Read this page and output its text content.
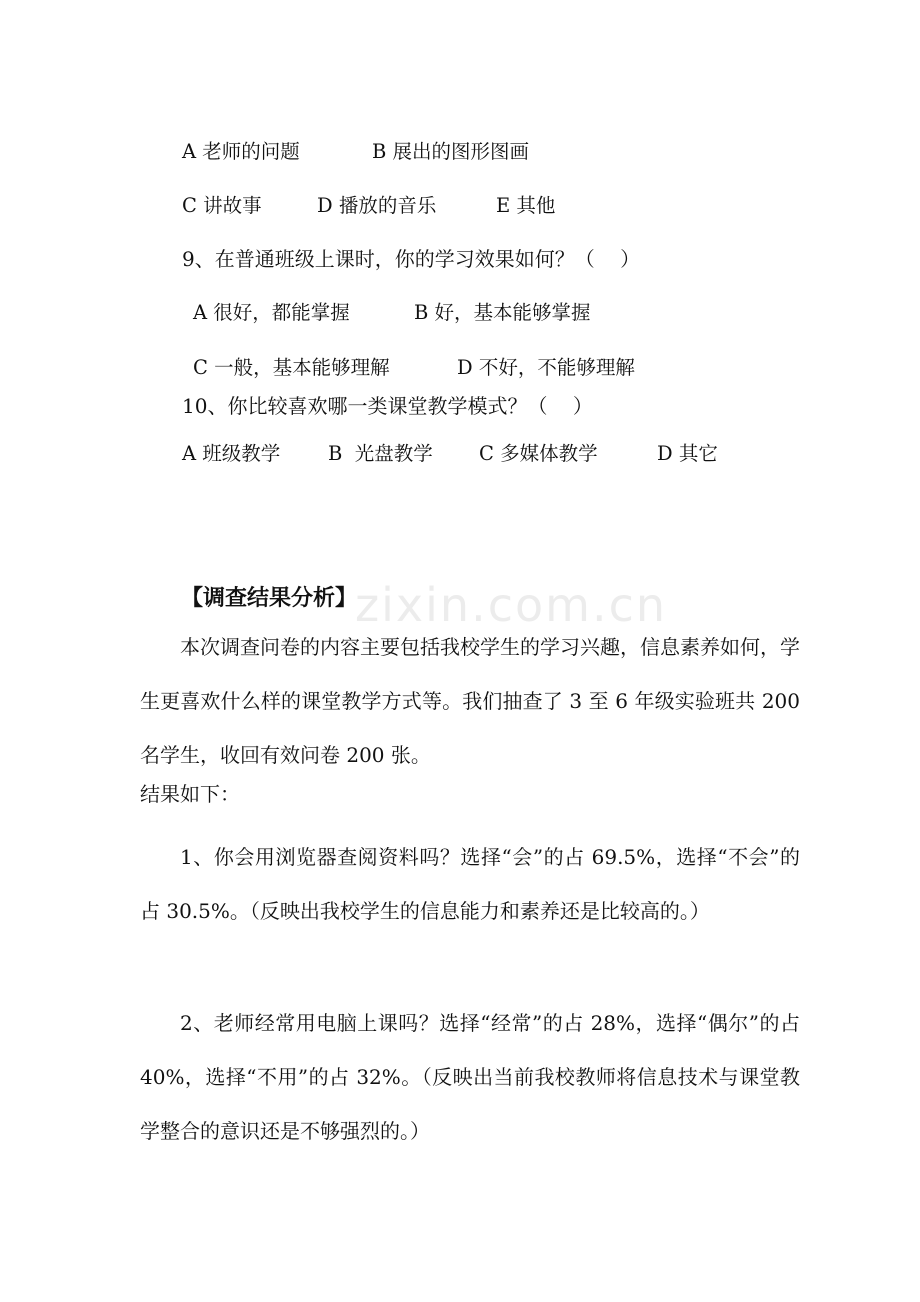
zixin.com.cn
A 老师的问题	B 展出的图形图画
C 讲故事	D 播放的音乐	E 其他
9、在普通班级上课时，你的学习效果如何？（    ）
A 很好，都能掌握	B 好，基本能够掌握
C 一般，基本能够理解	D 不好，不能够理解
10、你比较喜欢哪一类课堂教学模式？（    ）
A 班级教学 B  光盘教学 C 多媒体教学	D 其它
【调查结果分析】
本次调查问卷的内容主要包括我校学生的学习兴趣，信息素养如何，学生更喜欢什么样的课堂教学方式等。我们抽查了 3 至 6 年级实验班共 200 名学生，收回有效问卷 200 张。
结果如下：
1、你会用浏览器查阅资料吗？选择“会”的占 69.5%，选择“不会”的占 30.5%。（反映出我校学生的信息能力和素养还是比较高的。）
2、老师经常用电脑上课吗？选择“经常”的占 28%，选择“偶尔”的占 40%，选择“不用”的占 32%。（反映出当前我校教师将信息技术与课堂教学整合的意识还是不够强烈的。）
